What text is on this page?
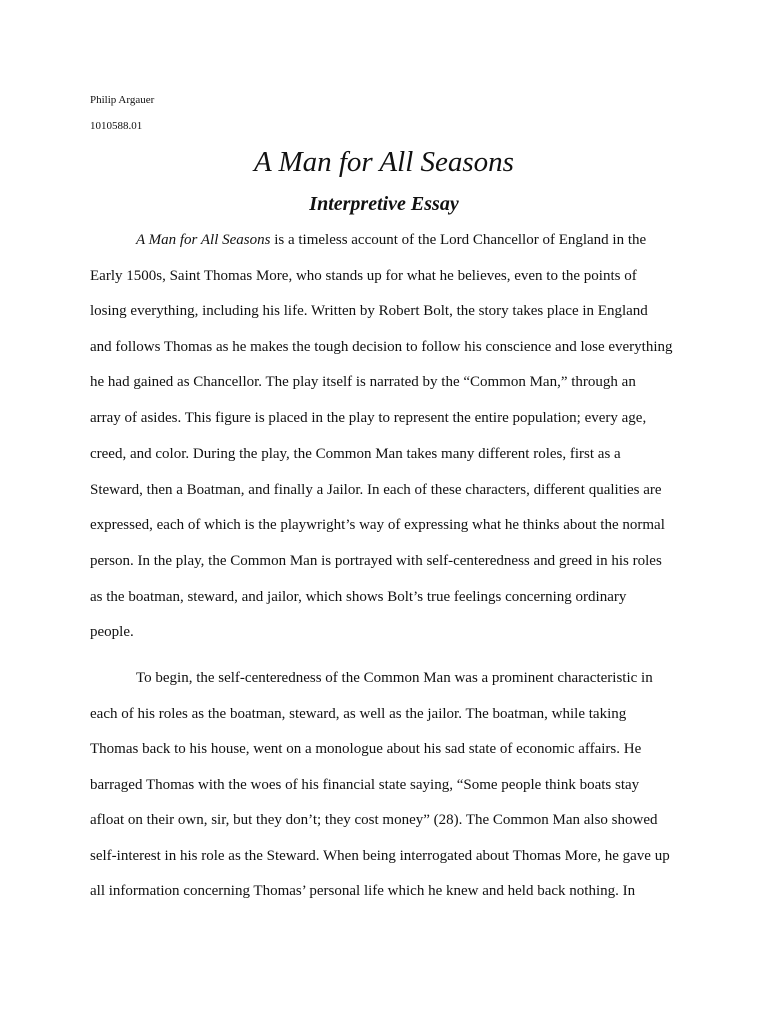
Philip Argauer
1010588.01
A Man for All Seasons
Interpretive Essay
A Man for All Seasons is a timeless account of the Lord Chancellor of England in the
Early 1500s, Saint Thomas More, who stands up for what he believes, even to the points of
losing everything, including his life. Written by Robert Bolt, the story takes place in England
and follows Thomas as he makes the tough decision to follow his conscience and lose everything
he had gained as Chancellor. The play itself is narrated by the “Common Man,” through an
array of asides. This figure is placed in the play to represent the entire population; every age,
creed, and color. During the play, the Common Man takes many different roles, first as a
Steward, then a Boatman, and finally a Jailor. In each of these characters, different qualities are
expressed, each of which is the playwright’s way of expressing what he thinks about the normal
person. In the play, the Common Man is portrayed with self-centeredness and greed in his roles
as the boatman, steward, and jailor, which shows Bolt’s true feelings concerning ordinary
people.
To begin, the self-centeredness of the Common Man was a prominent characteristic in
each of his roles as the boatman, steward, as well as the jailor. The boatman, while taking
Thomas back to his house, went on a monologue about his sad state of economic affairs. He
barraged Thomas with the woes of his financial state saying, “Some people think boats stay
afloat on their own, sir, but they don’t; they cost money” (28). The Common Man also showed
self-interest in his role as the Steward. When being interrogated about Thomas More, he gave up
all information concerning Thomas’ personal life which he knew and held back nothing. In
